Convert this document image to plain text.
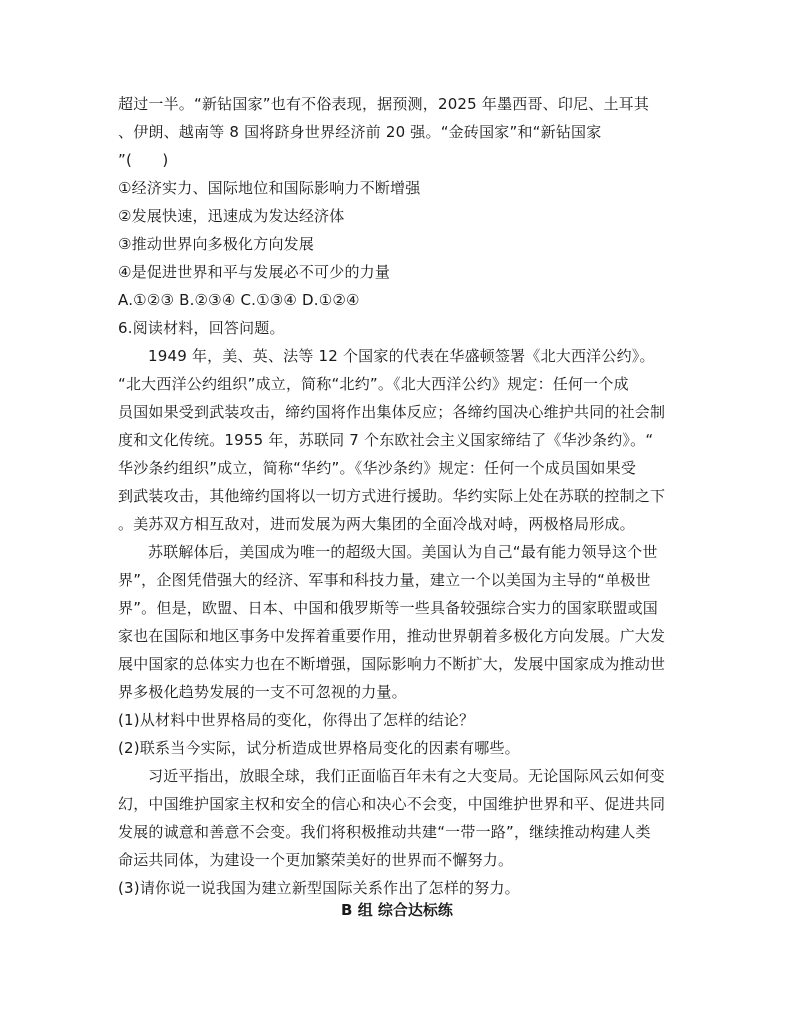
超过一半。“新钻国家”也有不俗表现，据预测，2025 年墨西哥、印尼、土耳其
、伊朗、越南等 8 国将跻身世界经济前 20 强。“金砖国家”和“新钻国家
”(　　)
①经济实力、国际地位和国际影响力不断增强
②发展快速，迅速成为发达经济体
③推动世界向多极化方向发展
④是促进世界和平与发展必不可少的力量
A.①②③ B.②③④ C.①③④ D.①②④
6.阅读材料，回答问题。
1949 年，美、英、法等 12 个国家的代表在华盛顿签署《北大西洋公约》。
“北大西洋公约组织”成立，简称“北约”。《北大西洋公约》规定：任何一个成
员国如果受到武装攻击，缔约国将作出集体反应；各缔约国决心维护共同的社会制
度和文化传统。1955 年，苏联同 7 个东欧社会主义国家缔结了《华沙条约》。“
华沙条约组织”成立，简称“华约”。《华沙条约》规定：任何一个成员国如果受
到武装攻击，其他缔约国将以一切方式进行援助。华约实际上处在苏联的控制之下
。美苏双方相互敌对，进而发展为两大集团的全面冷战对峙，两极格局形成。
苏联解体后，美国成为唯一的超级大国。美国认为自己“最有能力领导这个世
界”，企图凭借强大的经济、军事和科技力量，建立一个以美国为主导的“单极世
界”。但是，欧盟、日本、中国和俄罗斯等一些具备较强综合实力的国家联盟或国
家也在国际和地区事务中发挥着重要作用，推动世界朝着多极化方向发展。广大发
展中国家的总体实力也在不断增强，国际影响力不断扩大，发展中国家成为推动世
界多极化趋势发展的一支不可忽视的力量。
(1)从材料中世界格局的变化，你得出了怎样的结论？
(2)联系当今实际，试分析造成世界格局变化的因素有哪些。
习近平指出，放眼全球，我们正面临百年未有之大变局。无论国际风云如何变
幻，中国维护国家主权和安全的信心和决心不会变，中国维护世界和平、促进共同
发展的诚意和善意不会变。我们将积极推动共建“一带一路”，继续推动构建人类
命运共同体，为建设一个更加繁荣美好的世界而不懈努力。
(3)请你说一说我国为建立新型国际关系作出了怎样的努力。
B 组 综合达标练
